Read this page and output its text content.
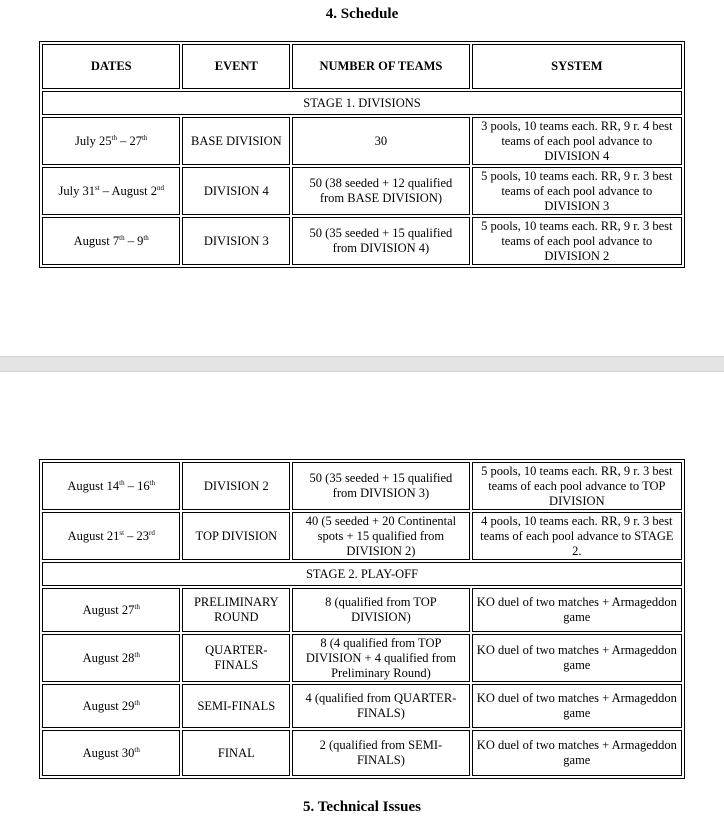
4. Schedule
DATES	EVENT	NUMBER OF TEAMS	SYSTEM
STAGE 1. DIVISIONS			
July 25th – 27th	BASE DIVISION	30	3 pools, 10 teams each. RR, 9 r. 4 best teams of each pool advance to DIVISION 4
July 31st – August 2nd	DIVISION 4	50 (38 seeded + 12 qualified from BASE DIVISION)	5 pools, 10 teams each. RR, 9 r. 3 best teams of each pool advance to DIVISION 3
August 7th – 9th	DIVISION 3	50 (35 seeded + 15 qualified from DIVISION 4)	5 pools, 10 teams each. RR, 9 r. 3 best teams of each pool advance to DIVISION 2
August 14th – 16th	DIVISION 2	50 (35 seeded + 15 qualified from DIVISION 3)	5 pools, 10 teams each. RR, 9 r. 3 best teams of each pool advance to TOP DIVISION
August 21st – 23rd	TOP DIVISION	40 (5 seeded + 20 Continental spots + 15 qualified from DIVISION 2)	4 pools, 10 teams each. RR, 9 r. 3 best teams of each pool advance to STAGE 2.
STAGE 2. PLAY-OFF			
August 27th	PRELIMINARY ROUND	8 (qualified from TOP DIVISION)	KO duel of two matches + Armageddon game
August 28th	QUARTER-FINALS	8 (4 qualified from TOP DIVISION + 4 qualified from Preliminary Round)	KO duel of two matches + Armageddon game
August 29th	SEMI-FINALS	4 (qualified from QUARTER-FINALS)	KO duel of two matches + Armageddon game
August 30th	FINAL	2 (qualified from SEMI-FINALS)	KO duel of two matches + Armageddon game
5. Technical Issues
